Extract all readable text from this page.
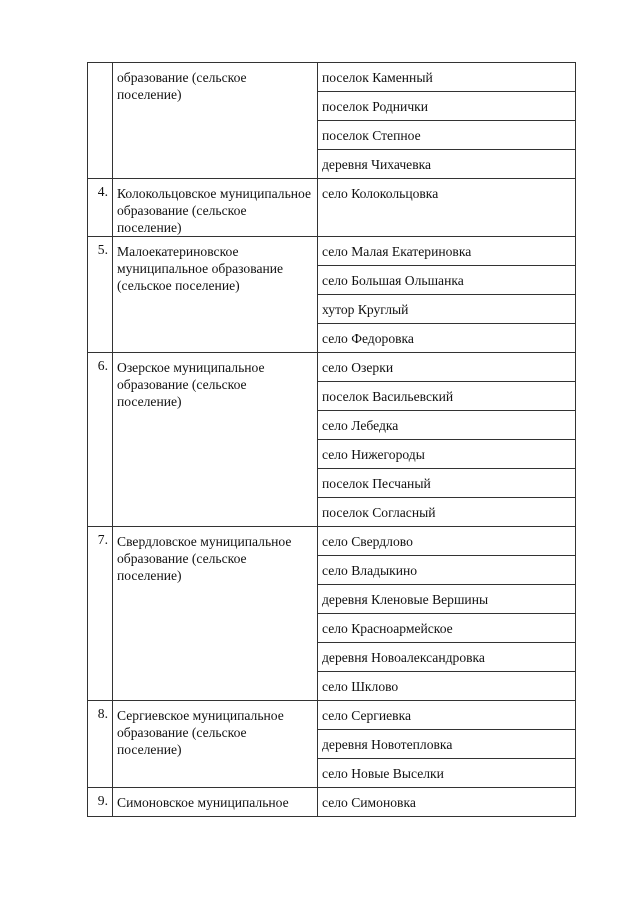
	образование (сельское поселение)	поселок Каменный
		поселок Роднички
		поселок Степное
		деревня Чихачевка
4.	Колокольцовское муниципальное образование (сельское поселение)	село Колокольцовка
5.	Малоекатериновское муниципальное образование (сельское поселение)	село Малая Екатериновка
		село Большая Ольшанка
		хутор Круглый
		село Федоровка
6.	Озерское муниципальное образование (сельское поселение)	село Озерки
		поселок Васильевский
		село Лебедка
		село Нижегороды
		поселок Песчаный
		поселок Согласный
7.	Свердловское муниципальное образование (сельское поселение)	село Свердлово
		село Владыкино
		деревня Кленовые Вершины
		село Красноармейское
		деревня Новоалександровка
		село Шклово
8.	Сергиевское муниципальное образование (сельское поселение)	село Сергиевка
		деревня Новотепловка
		село Новые Выселки
9.	Симоновское муниципальное	село Симоновка
